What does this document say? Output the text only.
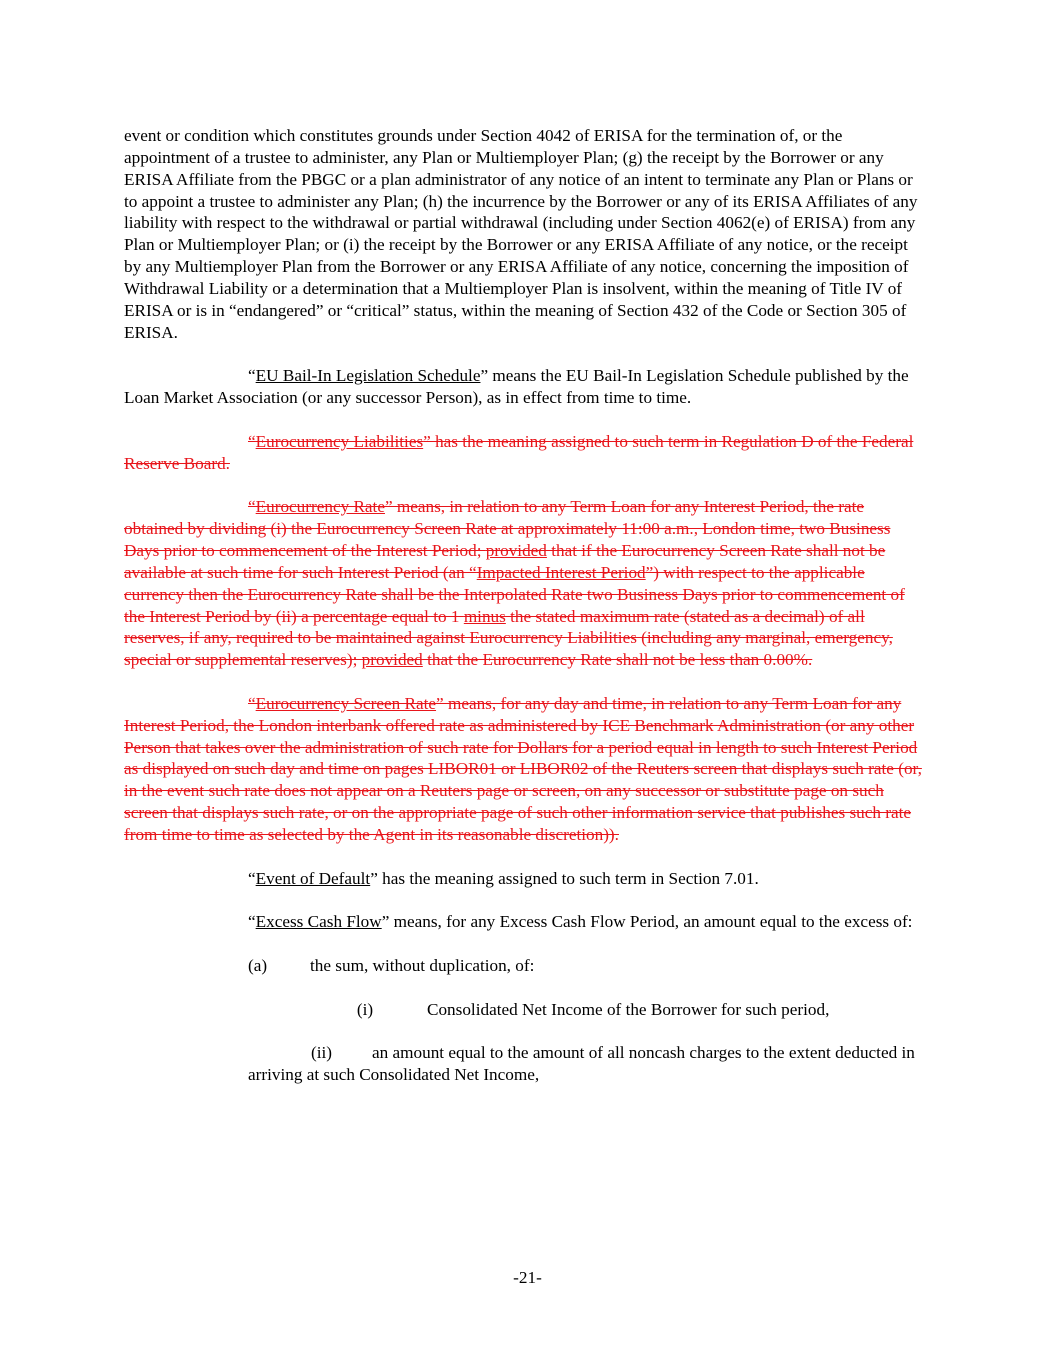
event or condition which constitutes grounds under Section 4042 of ERISA for the termination of, or the appointment of a trustee to administer, any Plan or Multiemployer Plan; (g) the receipt by the Borrower or any ERISA Affiliate from the PBGC or a plan administrator of any notice of an intent to terminate any Plan or Plans or to appoint a trustee to administer any Plan; (h) the incurrence by the Borrower or any of its ERISA Affiliates of any liability with respect to the withdrawal or partial withdrawal (including under Section 4062(e) of ERISA) from any Plan or Multiemployer Plan; or (i) the receipt by the Borrower or any ERISA Affiliate of any notice, or the receipt by any Multiemployer Plan from the Borrower or any ERISA Affiliate of any notice, concerning the imposition of Withdrawal Liability or a determination that a Multiemployer Plan is insolvent, within the meaning of Title IV of ERISA or is in “endangered” or “critical” status, within the meaning of Section 432 of the Code or Section 305 of ERISA.

“EU Bail-In Legislation Schedule” means the EU Bail-In Legislation Schedule published by the Loan Market Association (or any successor Person), as in effect from time to time.

“Eurocurrency Liabilities” has the meaning assigned to such term in Regulation D of the Federal Reserve Board.

“Eurocurrency Rate” means, in relation to any Term Loan for any Interest Period, the rate obtained by dividing (i) the Eurocurrency Screen Rate at approximately 11:00 a.m., London time, two Business Days prior to commencement of the Interest Period; provided that if the Eurocurrency Screen Rate shall not be available at such time for such Interest Period (an “Impacted Interest Period”) with respect to the applicable currency then the Eurocurrency Rate shall be the Interpolated Rate two Business Days prior to commencement of the Interest Period by (ii) a percentage equal to 1 minus the stated maximum rate (stated as a decimal) of all reserves, if any, required to be maintained against Eurocurrency Liabilities (including any marginal, emergency, special or supplemental reserves); provided that the Eurocurrency Rate shall not be less than 0.00%.

“Eurocurrency Screen Rate” means, for any day and time, in relation to any Term Loan for any Interest Period, the London interbank offered rate as administered by ICE Benchmark Administration (or any other Person that takes over the administration of such rate for Dollars for a period equal in length to such Interest Period as displayed on such day and time on pages LIBOR01 or LIBOR02 of the Reuters screen that displays such rate (or, in the event such rate does not appear on a Reuters page or screen, on any successor or substitute page on such screen that displays such rate, or on the appropriate page of such other information service that publishes such rate from time to time as selected by the Agent in its reasonable discretion)).

“Event of Default” has the meaning assigned to such term in Section 7.01.

“Excess Cash Flow” means, for any Excess Cash Flow Period, an amount equal to the excess of:

(a) the sum, without duplication, of:

(i)	Consolidated Net Income of the Borrower for such period,

(ii) an amount equal to the amount of all noncash charges to the extent deducted in arriving at such Consolidated Net Income,

-21-
